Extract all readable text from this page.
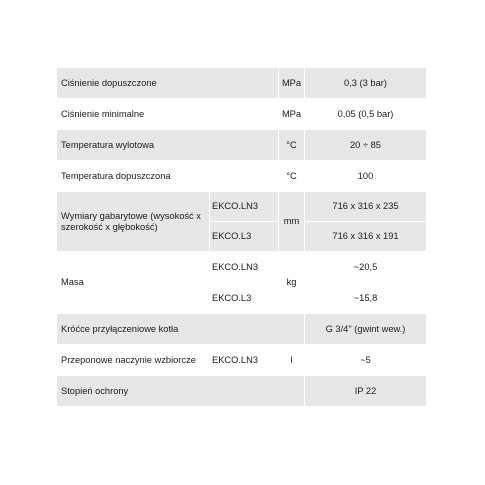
Ciśnienie dopuszczone		MPa	0,3 (3 bar)
Ciśnienie minimalne		MPa	0,05 (0,5 bar)
Temperatura wylotowa		°C	20 ÷ 85
Temperatura dopuszczona		°C	100
Wymiary gabarytowe (wysokość x szerokość x głębokość)	EKCO.LN3	mm	716 x 316 x 235
	EKCO.L3		716 x 316 x 191
Masa	EKCO.LN3	kg	~20,5
	EKCO.L3		~15,8
Króćce przyłączeniowe kotła			G 3/4" (gwint wew.)
Przeponowe naczynie wzbiorcze	EKCO.LN3	l	~5
Stopień ochrony			IP 22
